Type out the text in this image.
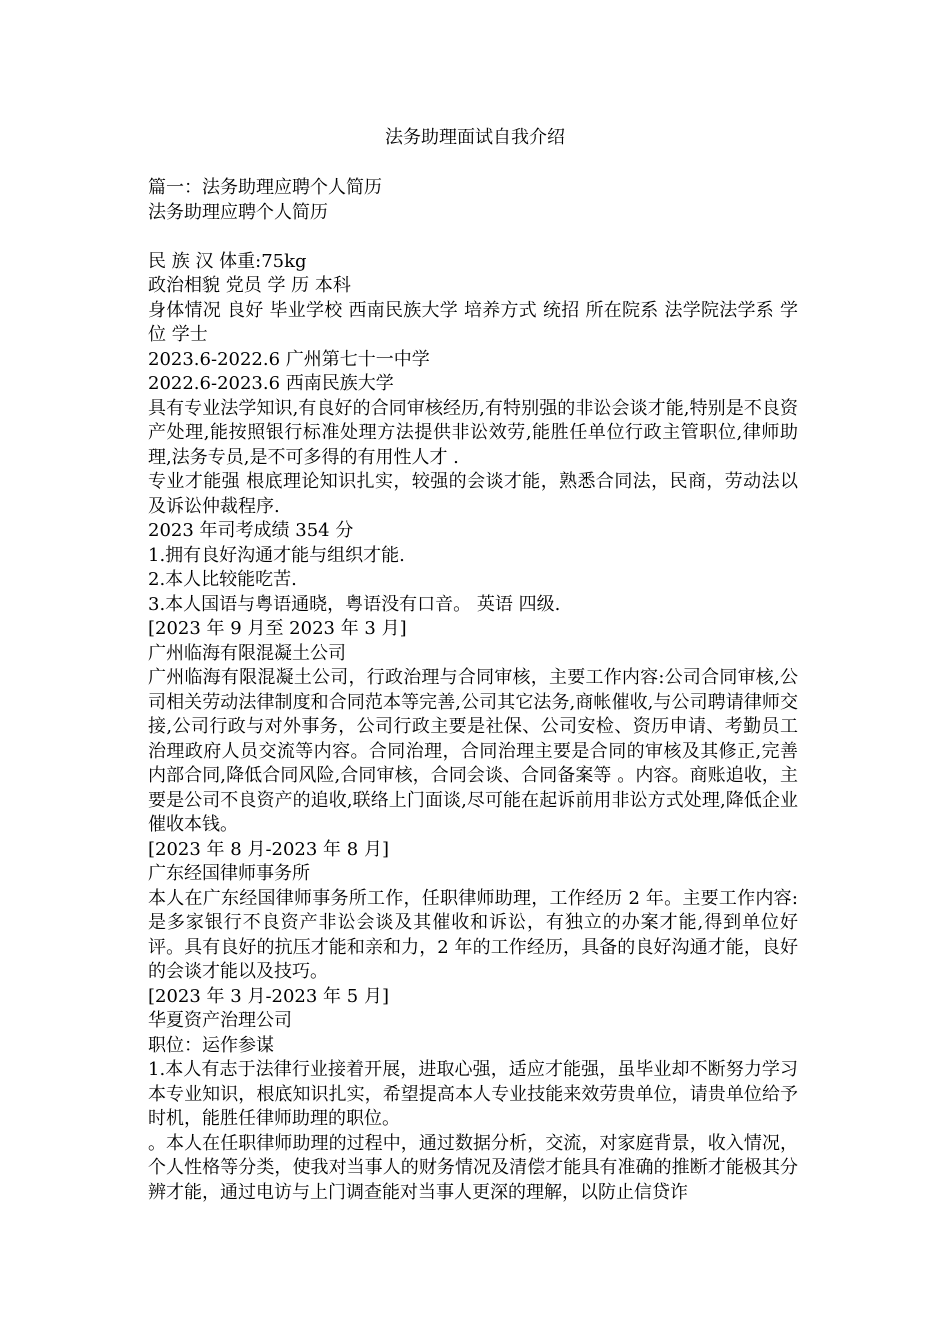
法务助理面试自我介绍

篇一：法务助理应聘个人简历

法务助理应聘个人简历

民 族 汉 体重:75kg

政治相貌 党员 学 历 本科

身体情况 良好 毕业学校 西南民族大学 培养方式 统招 所在院系 法学院法学系 学 位 学士

2023.6-2022.6 广州第七十一中学

2022.6-2023.6 西南民族大学

具有专业法学知识,有良好的合同审核经历,有特别强的非讼会谈才能,特别是不良资产处理,能按照银行标准处理方法提供非讼效劳,能胜任单位行政主管职位,律师助理,法务专员,是不可多得的有用性人才 .

专业才能强 根底理论知识扎实，较强的会谈才能，熟悉合同法，民商，劳动法以及诉讼仲裁程序.

2023 年司考成绩 354 分

1.拥有良好沟通才能与组织才能.

2.本人比较能吃苦.

3.本人国语与粤语通晓，粤语没有口音。 英语 四级.

[2023 年 9 月至 2023 年 3 月]

广州临海有限混凝土公司

广州临海有限混凝土公司，行政治理与合同审核，主要工作内容:公司合同审核,公司相关劳动法律制度和合同范本等完善,公司其它法务,商帐催收,与公司聘请律师交接,公司行政与对外事务，公司行政主要是社保、公司安检、资历申请、考勤员工治理政府人员交流等内容。合同治理，合同治理主要是合同的审核及其修正,完善内部合同,降低合同风险,合同审核，合同会谈、合同备案等 。内容。商账追收，主要是公司不良资产的追收,联络上门面谈,尽可能在起诉前用非讼方式处理,降低企业催收本钱。

[2023 年 8 月-2023 年 8 月]

广东经国律师事务所

本人在广东经国律师事务所工作，任职律师助理，工作经历 2 年。主要工作内容:是多家银行不良资产非讼会谈及其催收和诉讼，有独立的办案才能,得到单位好评。具有良好的抗压才能和亲和力，2 年的工作经历，具备的良好沟通才能，良好的会谈才能以及技巧。

[2023 年 3 月-2023 年 5 月]

华夏资产治理公司

职位：运作参谋

1.本人有志于法律行业接着开展，进取心强，适应才能强，虽毕业却不断努力学习本专业知识，根底知识扎实，希望提高本人专业技能来效劳贵单位，请贵单位给予时机，能胜任律师助理的职位。

。本人在任职律师助理的过程中，通过数据分析，交流，对家庭背景，收入情况，个人性格等分类，使我对当事人的财务情况及清偿才能具有准确的推断才能极其分辨才能，通过电访与上门调查能对当事人更深的理解，以防止信贷诈
